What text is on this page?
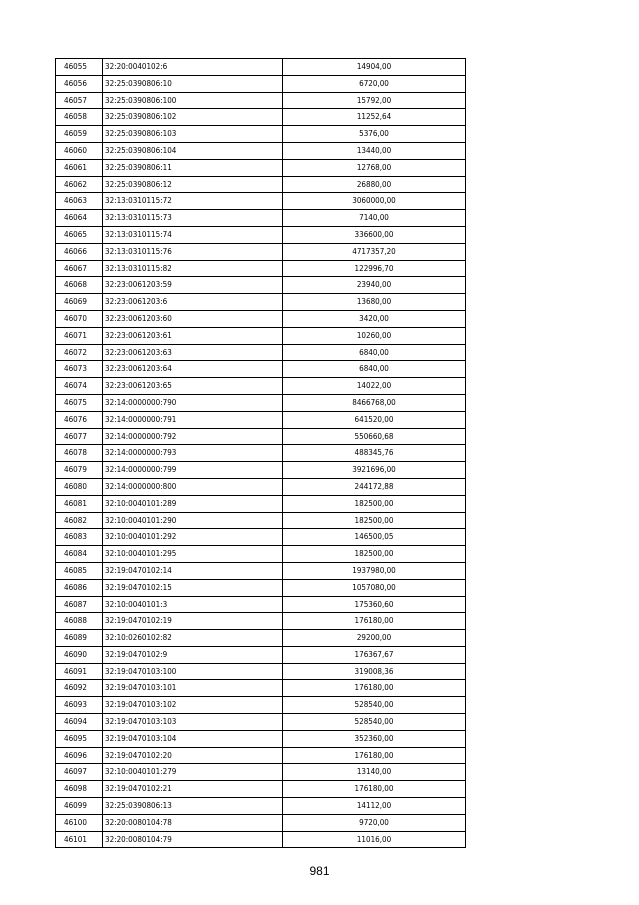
46055	32:20:0040102:6	14904,00
46056	32:25:0390806:10	6720,00
46057	32:25:0390806:100	15792,00
46058	32:25:0390806:102	11252,64
46059	32:25:0390806:103	5376,00
46060	32:25:0390806:104	13440,00
46061	32:25:0390806:11	12768,00
46062	32:25:0390806:12	26880,00
46063	32:13:0310115:72	3060000,00
46064	32:13:0310115:73	7140,00
46065	32:13:0310115:74	336600,00
46066	32:13:0310115:76	4717357,20
46067	32:13:0310115:82	122996,70
46068	32:23:0061203:59	23940,00
46069	32:23:0061203:6	13680,00
46070	32:23:0061203:60	3420,00
46071	32:23:0061203:61	10260,00
46072	32:23:0061203:63	6840,00
46073	32:23:0061203:64	6840,00
46074	32:23:0061203:65	14022,00
46075	32:14:0000000:790	8466768,00
46076	32:14:0000000:791	641520,00
46077	32:14:0000000:792	550660,68
46078	32:14:0000000:793	488345,76
46079	32:14:0000000:799	3921696,00
46080	32:14:0000000:800	244172,88
46081	32:10:0040101:289	182500,00
46082	32:10:0040101:290	182500,00
46083	32:10:0040101:292	146500,05
46084	32:10:0040101:295	182500,00
46085	32:19:0470102:14	1937980,00
46086	32:19:0470102:15	1057080,00
46087	32:10:0040101:3	175360,60
46088	32:19:0470102:19	176180,00
46089	32:10:0260102:82	29200,00
46090	32:19:0470102:9	176367,67
46091	32:19:0470103:100	319008,36
46092	32:19:0470103:101	176180,00
46093	32:19:0470103:102	528540,00
46094	32:19:0470103:103	528540,00
46095	32:19:0470103:104	352360,00
46096	32:19:0470102:20	176180,00
46097	32:10:0040101:279	13140,00
46098	32:19:0470102:21	176180,00
46099	32:25:0390806:13	14112,00
46100	32:20:0080104:78	9720,00
46101	32:20:0080104:79	11016,00
981
